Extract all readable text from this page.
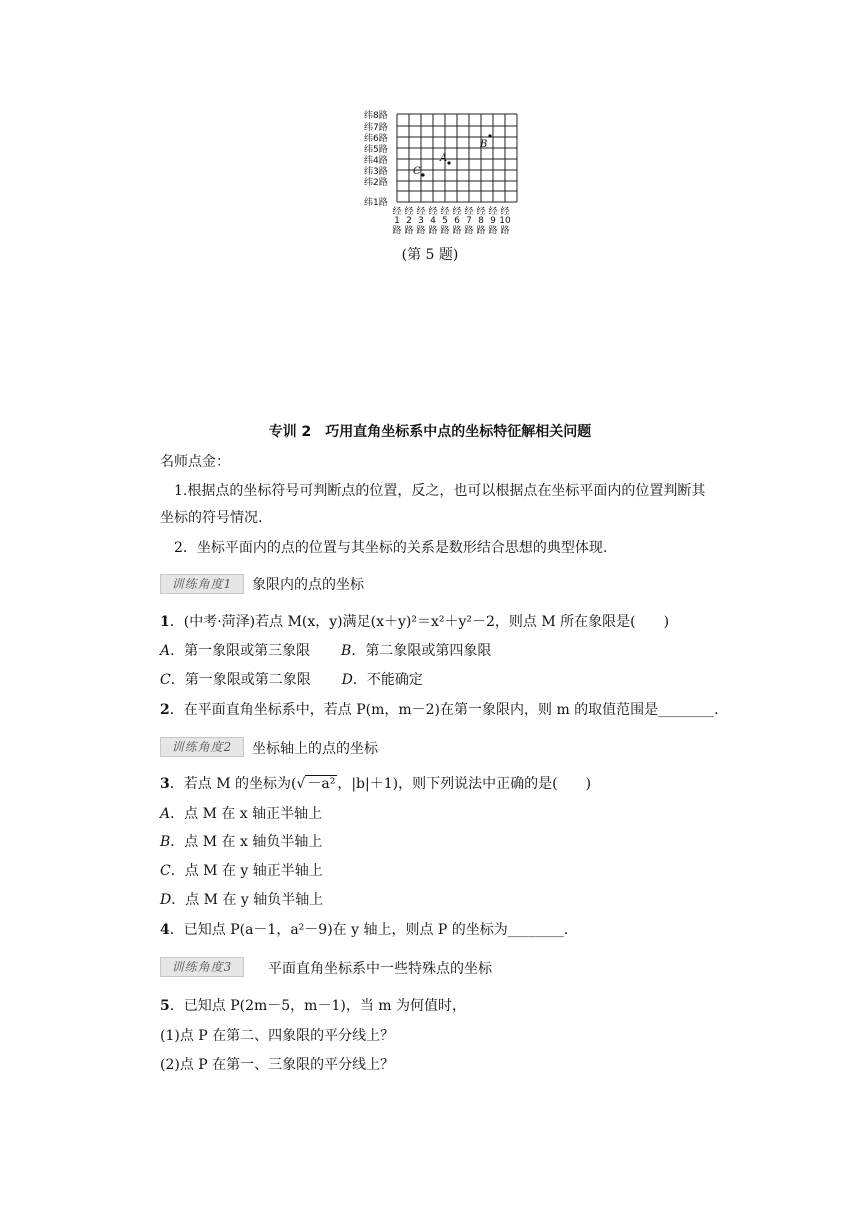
纬8路
纬7路
纬6路
纬5路
纬4路
纬3路
纬2路
纬1路
经
1
路
经
2
路
经
3
路
经
4
路
经
5
路
经
6
路
经
7
路
经
8
路
经
9
路
经
10
路
A
B
C
(第 5 题)
专训 2　巧用直角坐标系中点的坐标特征解相关问题
名师点金：
1.根据点的坐标符号可判断点的位置，反之，也可以根据点在坐标平面内的位置判断其
坐标的符号情况.
2．坐标平面内的点的位置与其坐标的关系是数形结合思想的典型体现.
训练角度1	象限内的点的坐标
1．(中考·菏泽)若点 M(x，y)满足(x＋y)²＝x²＋y²－2，则点 M 所在象限是(　　)
A．第一象限或第三象限 B．第二象限或第四象限
C．第一象限或第二象限 D．不能确定
2．在平面直角坐标系中，若点 P(m，m－2)在第一象限内，则 m 的取值范围是________.
训练角度2	坐标轴上的点的坐标
3．若点 M 的坐标为(√ －a² ，|b|＋1)，则下列说法中正确的是(　　)
A．点 M 在 x 轴正半轴上
B．点 M 在 x 轴负半轴上
C．点 M 在 y 轴正半轴上
D．点 M 在 y 轴负半轴上
4．已知点 P(a－1，a²－9)在 y 轴上，则点 P 的坐标为________.
训练角度3	平面直角坐标系中一些特殊点的坐标
5．已知点 P(2m－5，m－1)，当 m 为何值时，
(1)点 P 在第二、四象限的平分线上？
(2)点 P 在第一、三象限的平分线上？
